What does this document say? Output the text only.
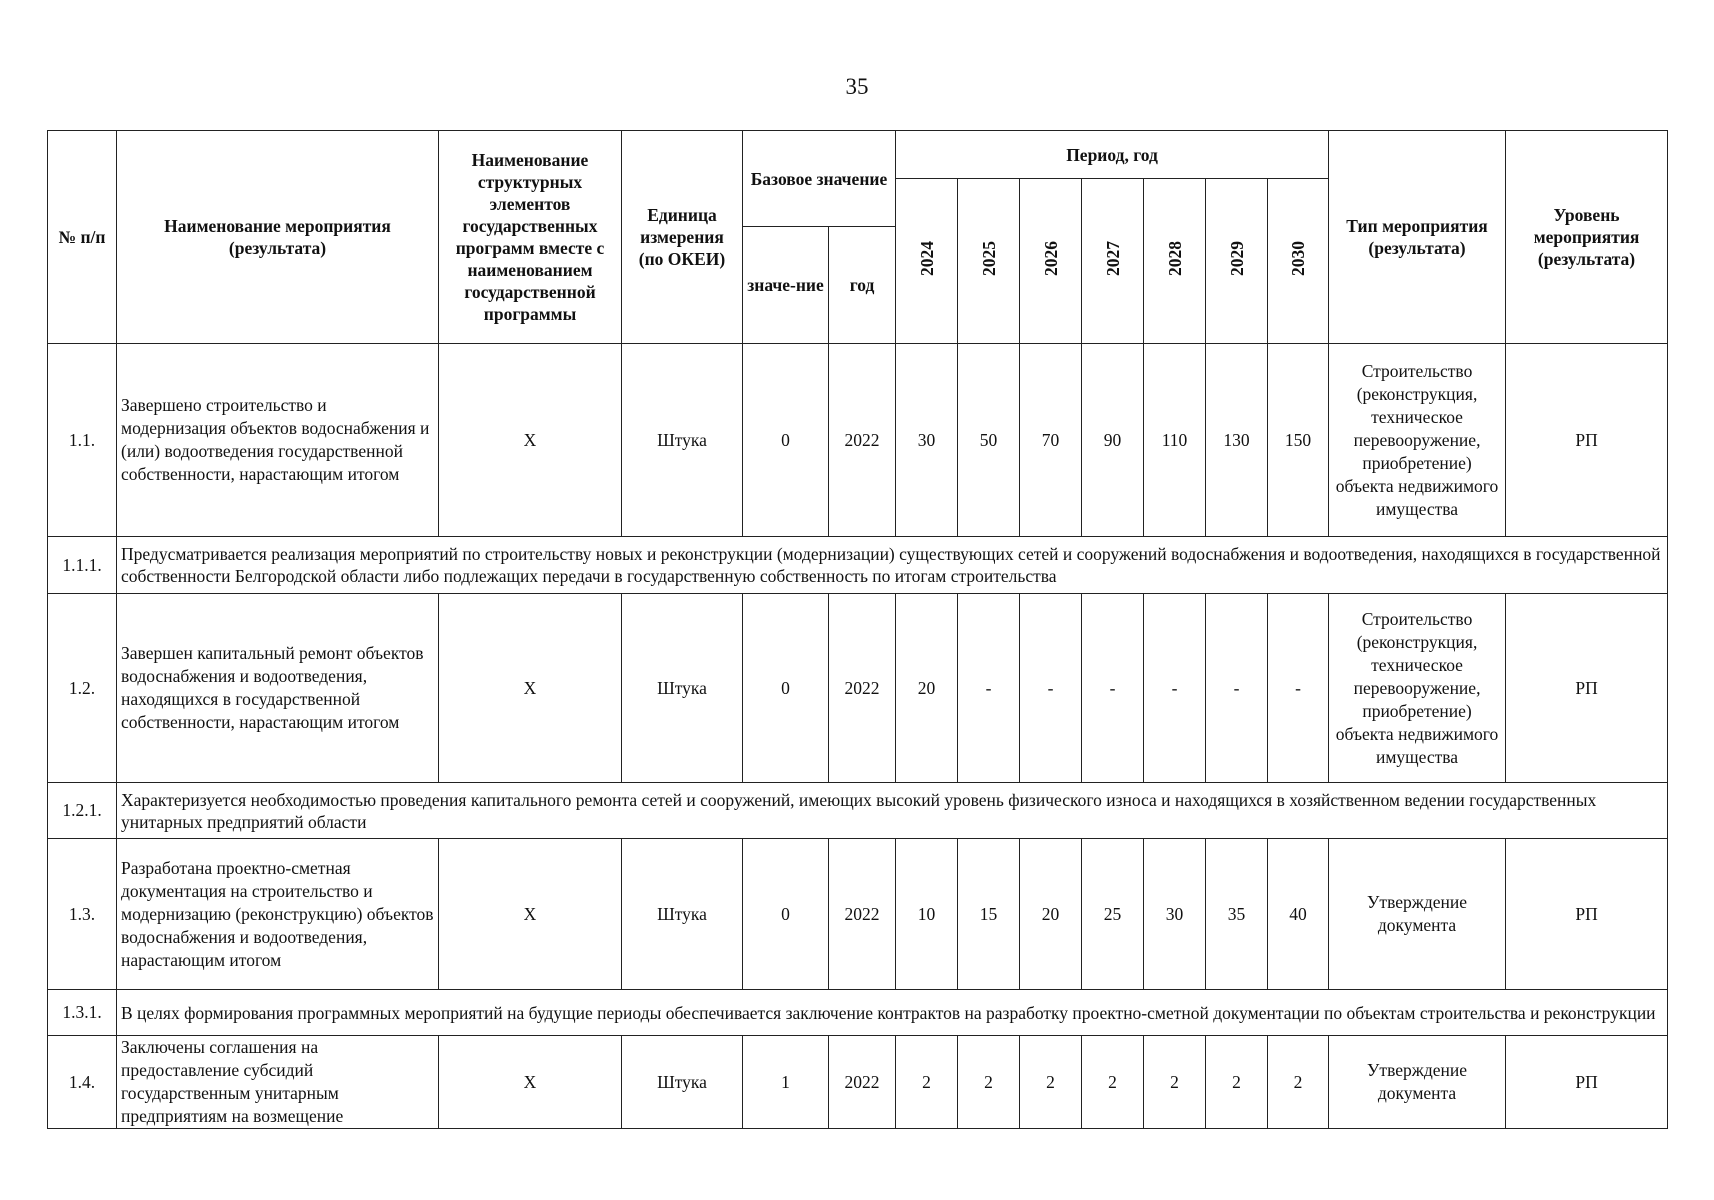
35
№ п/п	Наименование мероприятия (результата)	Наименование структурных элементов государственных программ вместе с наименованием государственной программы	Единица измерения (по ОКЕИ)	Базовое значение		Период, год							Тип мероприятия (результата)	Уровень мероприятия (результата)
						2024	2025	2026	2027	2028	2029	2030		
				значе-ние	год									
1.1.	Завершено строительство и модернизация объектов водоснабжения и (или) водоотведения государственной собственности, нарастающим итогом	Х	Штука	0	2022	30	50	70	90	110	130	150	Строительство (реконструкция, техническое перевооружение, приобретение) объекта недвижимого имущества	РП
1.1.1.	Предусматривается реализация мероприятий по строительству новых и реконструкции (модернизации) существующих сетей и сооружений водоснабжения и водоотведения, находящихся в государственной собственности Белгородской области либо подлежащих передачи в государственную собственность по итогам строительства													
1.2.	Завершен капитальный ремонт объектов водоснабжения и водоотведения, находящихся в государственной собственности, нарастающим итогом	Х	Штука	0	2022	20	-	-	-	-	-	-	Строительство (реконструкция, техническое перевооружение, приобретение) объекта недвижимого имущества	РП
1.2.1.	Характеризуется необходимостью проведения капитального ремонта сетей и сооружений, имеющих высокий уровень физического износа и находящихся в хозяйственном ведении государственных унитарных предприятий области													
1.3.	Разработана проектно-сметная документация на строительство и модернизацию (реконструкцию) объектов водоснабжения и водоотведения, нарастающим итогом	Х	Штука	0	2022	10	15	20	25	30	35	40	Утверждение документа	РП
1.3.1.	В целях формирования программных мероприятий на будущие периоды обеспечивается заключение контрактов на разработку проектно-сметной документации по объектам строительства и реконструкции													
1.4.	Заключены соглашения на предоставление субсидий государственным унитарным предприятиям на возмещение	Х	Штука	1	2022	2	2	2	2	2	2	2	Утверждение документа	РП
